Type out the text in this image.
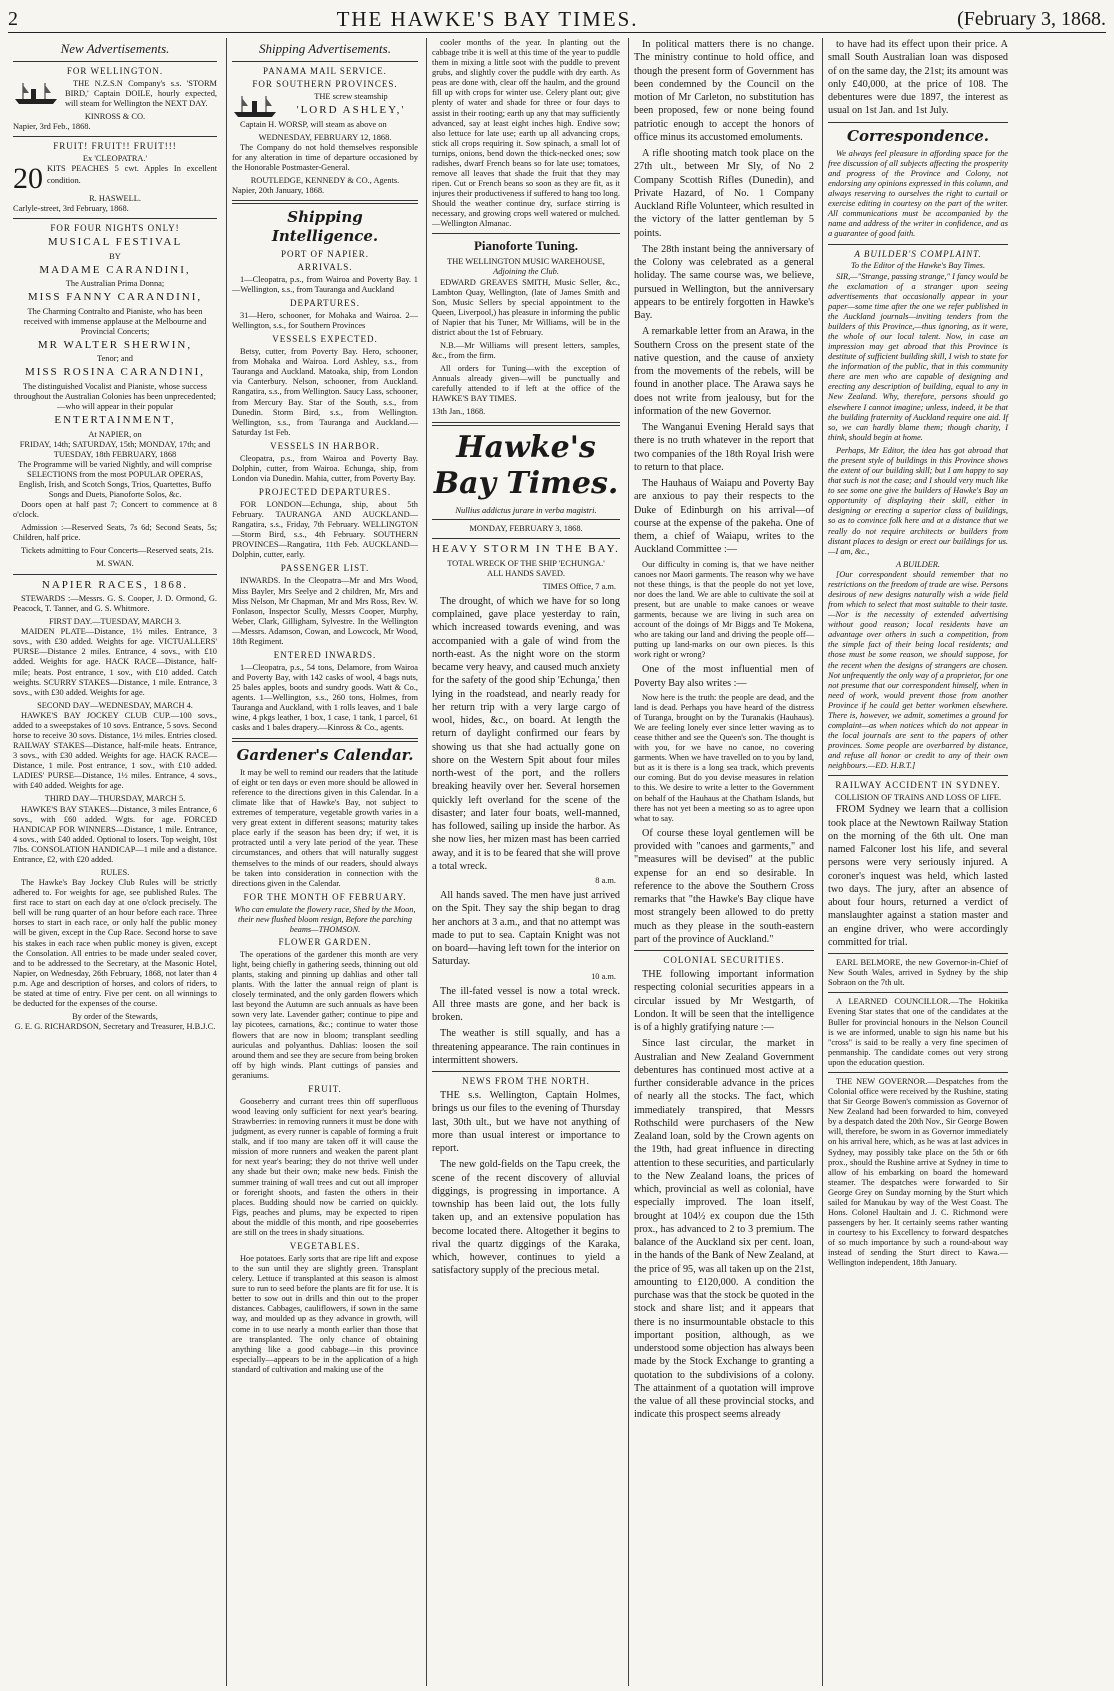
2	THE HAWKE'S BAY TIMES.	(February 3, 1868.
New Advertisements.
FOR WELLINGTON.

THE N.Z.S.N Company's s.s. 'STORM BIRD,' Captain DOILE, hourly expected, will steam for Wellington the NEXT DAY.

KINROSS & CO.
Napier, 3rd Feb., 1868.
FRUIT! FRUIT!! FRUIT!!!
Ex 'CLEOPATRA.'
20 KITS PEACHES 5 cwt. Apples In excellent condition.
R. HASWELL.
Carlyle-street, 3rd February, 1868.
FOR FOUR NIGHTS ONLY!
MUSICAL FESTIVAL
BY
MADAME CARANDINI,
The Australian Prima Donna;
MISS FANNY CARANDINI,
The Charming Contralto and Pianiste, who has been received with immense applause at the Melbourne and Provincial Concerts;
MR WALTER SHERWIN,
Tenor; and
MISS ROSINA CARANDINI,
The distinguished Vocalist and Pianiste, whose success throughout the Australian Colonies has been unprecedented;—who will appear in their popular
ENTERTAINMENT,
At NAPIER, on
FRIDAY, 14th; SATURDAY, 15th; MONDAY, 17th; and TUESDAY, 18th FEBRUARY, 1868
The Programme will be varied Nightly, and will comprise
SELECTIONS from the most POPULAR OPERAS,
English, Irish, and Scotch Songs, Trios, Quartettes, Buffo Songs and Duets, Pianoforte Solos, &c.

Doors open at half past 7; Concert to commence at 8 o'clock.

Admission :—Reserved Seats, 7s 6d; Second Seats, 5s; Children, half price.

Tickets admitting to Four Concerts—Reserved seats, 21s.

M. SWAN.
NAPIER RACES, 1868.

STEWARDS :—Messrs. G. S. Cooper, J. D. Ormond, G. Peacock, T. Tanner, and G. S. Whitmore.

FIRST DAY.—TUESDAY, MARCH 3.

MAIDEN PLATE—Distance, 1½ miles. Entrance, 3 sovs., with £30 added. Weights for age. VICTUALLERS' PURSE—Distance 2 miles. Entrance, 4 sovs., with £10 added. Weights for age. HACK RACE—Distance, half-mile; heats. Post entrance, 1 sov., with £10 added. Catch weights. SCURRY STAKES—Distance, 1 mile. Entrance, 3 sovs., with £30 added. Weights for age.

SECOND DAY—WEDNESDAY, MARCH 4.

HAWKE'S BAY JOCKEY CLUB CUP.—100 sovs., added to a sweepstakes of 10 sovs. Entrance, 5 sovs. Second horse to receive 30 sovs. Distance, 1½ miles. Entries closed. RAILWAY STAKES—Distance, half-mile heats. Entrance, 3 sovs., with £30 added. Weights for age. HACK RACE—Distance, 1 mile. Post entrance, 1 sov., with £10 added. LADIES' PURSE—Distance, 1½ miles. Entrance, 4 sovs., with £40 added. Weights for age.

THIRD DAY—THURSDAY, MARCH 5.

HAWKE'S BAY STAKES—Distance, 3 miles Entrance, 6 sovs., with £60 added. Wgts. for age. FORCED HANDICAP FOR WINNERS—Distance, 1 mile. Entrance, 4 sovs., with £40 added. Optional to losers. Top weight, 10st 7lbs. CONSOLATION HANDICAP—1 mile and a distance. Entrance, £2, with £20 added.

RULES.

The Hawke's Bay Jockey Club Rules will be strictly adhered to. For weights for age, see published Rules. The first race to start on each day at one o'clock precisely. The bell will be rung quarter of an hour before each race. Three horses to start in each race, or only half the public money will be given, except in the Cup Race. Second horse to save his stakes in each race when public money is given, except the Consolation. All entries to be made under sealed cover, and to be addressed to the Secretary, at the Masonic Hotel, Napier, on Wednesday, 26th February, 1868, not later than 4 p.m. Age and description of horses, and colors of riders, to be stated at time of entry. Five per cent. on all winnings to be deducted for the expenses of the course.

By order of the Stewards,
G. E. G. RICHARDSON, Secretary and Treasurer, H.B.J.C.
Shipping Advertisements.
PANAMA MAIL SERVICE.
FOR SOUTHERN PROVINCES.
THE screw steamship
'LORD ASHLEY,'

Captain H. WORSP, will steam as above on

WEDNESDAY, FEBRUARY 12, 1868.

The Company do not hold themselves responsible for any alteration in time of departure occasioned by the Honorable Postmaster-General.

ROUTLEDGE, KENNEDY & CO., Agents.
Napier, 20th January, 1868.
Shipping Intelligence.
PORT OF NAPIER.
ARRIVALS.

1—Cleopatra, p.s., from Wairoa and Poverty Bay. 1—Wellington, s.s., from Tauranga and Auckland

DEPARTURES.

31—Hero, schooner, for Mohaka and Wairoa. 2—Wellington, s.s., for Southern Provinces

VESSELS EXPECTED.

Betsy, cutter, from Poverty Bay. Hero, schooner, from Mohaka and Wairoa. Lord Ashley, s.s., from Tauranga and Auckland. Matoaka, ship, from London via Canterbury. Nelson, schooner, from Auckland. Rangatira, s.s., from Wellington. Saucy Lass, schooner, from Mercury Bay. Star of the South, s.s., from Dunedin. Storm Bird, s.s., from Wellington. Wellington, s.s., from Tauranga and Auckland.—Saturday 1st Feb.

VESSELS IN HARBOR.

Cleopatra, p.s., from Wairoa and Poverty Bay. Dolphin, cutter, from Wairoa. Echunga, ship, from London via Dunedin. Mahia, cutter, from Poverty Bay.

PROJECTED DEPARTURES.

FOR LONDON—Echunga, ship, about 5th February. TAURANGA AND AUCKLAND—Rangatira, s.s., Friday, 7th February. WELLINGTON—Storm Bird, s.s., 4th February. SOUTHERN PROVINCES—Rangatira, 11th Feb. AUCKLAND—Dolphin, cutter, early.

PASSENGER LIST.

INWARDS. In the Cleopatra—Mr and Mrs Wood, Miss Bayler, Mrs Seelye and 2 children, Mr, Mrs and Miss Nelson, Mr Chapman, Mr and Mrs Ross, Rev. W. Fonlason, Inspector Scully, Messrs Cooper, Murphy, Weber, Clark, Gilligham, Sylvestre. In the Wellington—Messrs. Adamson, Cowan, and Lowcock, Mr Wood, 18th Regiment.

ENTERED INWARDS.

1—Cleopatra, p.s., 54 tons, Delamore, from Wairoa and Poverty Bay, with 142 casks of wool, 4 bags nuts, 25 bales apples, boots and sundry goods. Watt & Co., agents. 1—Wellington, s.s., 260 tons, Holmes, from Tauranga and Auckland, with 1 rolls leaves, and 1 bale wine, 4 pkgs leather, 1 box, 1 case, 1 tank, 1 parcel, 61 casks and 1 bales drapery.—Kinross & Co., agents.

Gardener's Calendar.

It may be well to remind our readers that the latitude of eight or ten days or even more should be allowed in reference to the directions given in this Calendar. In a climate like that of Hawke's Bay, not subject to extremes of temperature, vegetable growth varies in a very great extent in different seasons; maturity takes place early if the season has been dry; if wet, it is protracted until a very late period of the year. These circumstances, and others that will naturally suggest themselves to the minds of our readers, should always be taken into consideration in connection with the directions given in the Calendar.

FOR THE MONTH OF FEBRUARY.
Who can emulate the flowery race, Shed by the Moon, their new flushed bloom resign, Before the parching beams—THOMSON.
FLOWER GARDEN.

The operations of the gardener this month are very light, being chiefly in gathering seeds, thinning out old plants, staking and pinning up dahlias and other tall plants. With the latter the annual reign of plant is closely terminated, and the only garden flowers which last beyond the Autumn are such annuals as have been sown very late. Lavender gather; continue to pipe and lay picotees, carnations, &c.; continue to water those flowers that are now in bloom; transplant seedling auriculas and polyanthus. Dahlias: loosen the soil around them and see they are secure from being broken off by high winds. Plant cuttings of pansies and geraniums.

FRUIT.

Gooseberry and currant trees thin off superfluous wood leaving only sufficient for next year's bearing. Strawberries: in removing runners it must be done with judgment, as every runner is capable of forming a fruit stalk, and if too many are taken off it will cause the mission of more runners and weaken the parent plant for next year's bearing; they do not thrive well under any shade but their own; make new beds. Finish the summer training of wall trees and cut out all improper or foreright shoots, and fasten the others in their places. Budding should now be carried on quickly. Figs, peaches and plums, may be expected to ripen about the middle of this month, and ripe gooseberries are still on the trees in shady situations.

VEGETABLES.

Hoe potatoes. Early sorts that are ripe lift and expose to the sun until they are slightly green. Transplant celery. Lettuce if transplanted at this season is almost sure to run to seed before the plants are fit for use. It is better to sow out in drills and thin out to the proper distances. Cabbages, cauliflowers, if sown in the same way, and moulded up as they advance in growth, will come in to use nearly a month earlier than those that are transplanted. The only chance of obtaining anything like a good cabbage—in this province especially—appears to be in the application of a high standard of cultivation and making use of the

cooler months of the year. In planting out the cabbage tribe it is well at this time of the year to puddle them in mixing a little soot with the puddle to prevent grubs, and slightly cover the puddle with dry earth. As peas are done with, clear off the haulm, and the ground fill up with crops for winter use. Celery plant out; give plenty of water and shade for three or four days to assist in their rooting; earth up any that may sufficiently advanced, say at least eight inches high. Endive sow; also lettuce for late use; earth up all advancing crops, stick all crops requiring it. Sow spinach, a small lot of turnips, onions, bend down the thick-necked ones; sow radishes, dwarf French beans so for late use; tomatoes, remove all leaves that shade the fruit that they may ripen. Cut or French beans so soon as they are fit, as it injures their productiveness if suffered to hang too long. Should the weather continue dry, surface stirring is necessary, and growing crops well watered or mulched.—Wellington Almanac.

Pianoforte Tuning.
THE WELLINGTON MUSIC WAREHOUSE,
Adjoining the Club.

EDWARD GREAVES SMITH, Music Seller, &c., Lambton Quay, Wellington, (late of James Smith and Son, Music Sellers by special appointment to the Queen, Liverpool,) has pleasure in informing the public of Napier that his Tuner, Mr Williams, will be in the district about the 1st of February.

N.B.—Mr Williams will present letters, samples, &c., from the firm.

All orders for Tuning—with the exception of Annuals already given—will be punctually and carefully attended to if left at the office of the HAWKE'S BAY TIMES.

13th Jan., 1868.
Hawke's Bay Times.
Nullius addictus jurare in verba magistri.
MONDAY, FEBRUARY 3, 1868.
HEAVY STORM IN THE BAY.
TOTAL WRECK OF THE SHIP 'ECHUNGA.'
ALL HANDS SAVED.
TIMES Office, 7 a.m.

The drought, of which we have for so long complained, gave place yesterday to rain, which increased towards evening, and was accompanied with a gale of wind from the north-east. As the night wore on the storm became very heavy, and caused much anxiety for the safety of the good ship 'Echunga,' then lying in the roadstead, and nearly ready for her return trip with a very large cargo of wool, hides, &c., on board. At length the return of daylight confirmed our fears by showing us that she had actually gone on shore on the Western Spit about four miles north-west of the port, and the rollers breaking heavily over her. Several horsemen quickly left overland for the scene of the disaster; and later four boats, well-manned, has followed, sailing up inside the harbor. As she now lies, her mizen mast has been carried away, and it is to be feared that she will prove a total wreck.

8 a.m.

All hands saved. The men have just arrived on the Spit. They say the ship began to drag her anchors at 3 a.m., and that no attempt was made to put to sea. Captain Knight was not on board—having left town for the interior on Saturday.

10 a.m.

The ill-fated vessel is now a total wreck. All three masts are gone, and her back is broken.

The weather is still squally, and has a threatening appearance. The rain continues in intermittent showers.

NEWS FROM THE NORTH.

THE s.s. Wellington, Captain Holmes, brings us our files to the evening of Thursday last, 30th ult., but we have not anything of more than usual interest or importance to report.

The new gold-fields on the Tapu creek, the scene of the recent discovery of alluvial diggings, is progressing in importance. A township has been laid out, the lots fully taken up, and an extensive population has become located there. Altogether it begins to rival the quartz diggings of the Karaka, which, however, continues to yield a satisfactory supply of the precious metal.

In political matters there is no change. The ministry continue to hold office, and though the present form of Government has been condemned by the Council on the motion of Mr Carleton, no substitution has been proposed, few or none being found patriotic enough to accept the honors of office minus its accustomed emoluments.

A rifle shooting match took place on the 27th ult., between Mr Sly, of No 2 Company Scottish Rifles (Dunedin), and Private Hazard, of No. 1 Company Auckland Rifle Volunteer, which resulted in the victory of the latter gentleman by 5 points.

The 28th instant being the anniversary of the Colony was celebrated as a general holiday. The same course was, we believe, pursued in Wellington, but the anniversary appears to be entirely forgotten in Hawke's Bay.

A remarkable letter from an Arawa, in the Southern Cross on the present state of the native question, and the cause of anxiety from the movements of the rebels, will be found in another place. The Arawa says he does not write from jealousy, but for the information of the new Governor.

The Wanganui Evening Herald says that there is no truth whatever in the report that two companies of the 18th Royal Irish were to return to that place.

The Hauhaus of Waiapu and Poverty Bay are anxious to pay their respects to the Duke of Edinburgh on his arrival—of course at the expense of the pakeha. One of them, a chief of Waiapu, writes to the Auckland Committee :—

Our difficulty in coming is, that we have neither canoes nor Maori garments. The reason why we have not these things, is that the people do not yet love, nor does the land. We are able to cultivate the soil at present, but are unable to make canoes or weave garments, because we are living in such area on account of the doings of Mr Biggs and Te Mokena, who are taking our land and driving the people off—putting up land-marks on our own pieces. Is this work right or wrong?

One of the most influential men of Poverty Bay also writes :—

Now here is the truth: the people are dead, and the land is dead. Perhaps you have heard of the distress of Turanga, brought on by the Turanakis (Hauhaus). We are feeling lonely ever since letter waving as to cease thither and see the Queen's son. The thought is with you, for we have no canoe, no covering garments. When we have travelled on to you by land, but as it is there is a long sea track, which prevents our coming. But do you devise measures in relation to this. We desire to write a letter to the Government on behalf of the Hauhaus at the Chatham Islands, but there has not yet been a meeting so as to agree upon what to say.

Of course these loyal gentlemen will be provided with "canoes and garments," and "measures will be devised" at the public expense for an end so desirable. In reference to the above the Southern Cross remarks that "the Hawke's Bay clique have most strangely been allowed to do pretty much as they please in the south-eastern part of the province of Auckland."

COLONIAL SECURITIES.

THE following important information respecting colonial securities appears in a circular issued by Mr Westgarth, of London. It will be seen that the intelligence is of a highly gratifying nature :—

Since last circular, the market in Australian and New Zealand Government debentures has continued most active at a further considerable advance in the prices of nearly all the stocks. The fact, which immediately transpired, that Messrs Rothschild were purchasers of the New Zealand loan, sold by the Crown agents on the 19th, had great influence in directing attention to these securities, and particularly to the New Zealand loans, the prices of which, provincial as well as colonial, have especially improved. The loan itself, brought at 104½ ex coupon due the 15th prox., has advanced to 2 to 3 premium. The balance of the Auckland six per cent. loan, in the hands of the Bank of New Zealand, at the price of 95, was all taken up on the 21st, amounting to £120,000. A condition the purchase was that the stock be quoted in the stock and share list; and it appears that there is no insurmountable obstacle to this important position, although, as we understood some objection has always been made by the Stock Exchange to granting a quotation to the subdivisions of a colony. The attainment of a quotation will improve the value of all these provincial stocks, and indicate this prospect seems already

to have had its effect upon their price. A small South Australian loan was disposed of on the same day, the 21st; its amount was only £40,000, at the price of 108. The debentures were due 1897, the interest as usual on 1st Jan. and 1st July.

Correspondence.

We always feel pleasure in affording space for the free discussion of all subjects affecting the prosperity and progress of the Province and Colony, not endorsing any opinions expressed in this column, and always reserving to ourselves the right to curtail or exercise editing in courtesy on the part of the writer. All communications must be accompanied by the name and address of the writer in confidence, and as a guarantee of good faith.

A BUILDER'S COMPLAINT.
To the Editor of the Hawke's Bay Times.

SIR,—"Strange, passing strange," I fancy would be the exclamation of a stranger upon seeing advertisements that occasionally appear in your paper—some time after the one we refer published in the Auckland journals—inviting tenders from the builders of this Province,—thus ignoring, as it were, the whole of our local talent. Now, in case an impression may get abroad that this Province is destitute of sufficient building skill, I wish to state for the information of the public, that in this community there are men who are capable of designing and erecting any description of building, equal to any in New Zealand. Why, therefore, persons should go elsewhere I cannot imagine; unless, indeed, it be that the building fraternity of Auckland require one aid. If so, we can hardly blame them; though charity, I think, should begin at home.

Perhaps, Mr Editor, the idea has got abroad that the present style of buildings in this Province shows the extent of our building skill; but I am happy to say that such is not the case; and I should very much like to see some one give the builders of Hawke's Bay an opportunity of displaying their skill, either in designing or erecting a superior class of buildings, so as to convince folk here and at a distance that we really do not require architects or builders from distant places to design or erect our buildings for us.—I am, &c.,

A BUILDER.

[Our correspondent should remember that no restrictions on the freedom of trade are wise. Persons desirous of new designs naturally wish a wide field from which to select that most suitable to their taste.—Nor is the necessity of extended advertising without good reason; local residents have an advantage over others in such a competition, from the simple fact of their being local residents; and those must be some reason, we should suppose, for the recent when the designs of strangers are chosen. Not unfrequently the only way of a proprietor, for one not presume that our correspondent himself, when in need of work, would prevent those from another Province if he could get better workmen elsewhere. There is, however, we admit, sometimes a ground for complaint—as when notices which do not appear in the local journals are sent to the papers of other provinces. Some people are overbarred by distance, and refuse all honor or credit to any of their own neighbours.—ED. H.B.T.]

RAILWAY ACCIDENT IN SYDNEY.
COLLISION OF TRAINS AND LOSS OF LIFE.

FROM Sydney we learn that a collision took place at the Newtown Railway Station on the morning of the 6th ult. One man named Falconer lost his life, and several persons were very seriously injured. A coroner's inquest was held, which lasted two days. The jury, after an absence of about four hours, returned a verdict of manslaughter against a station master and an engine driver, who were accordingly committed for trial.

EARL BELMORE, the new Governor-in-Chief of New South Wales, arrived in Sydney by the ship Sobraon on the 7th ult.

A LEARNED COUNCILLOR.—The Hokitika Evening Star states that one of the candidates at the Buller for provincial honours in the Nelson Council is we are informed, unable to sign his name but his "cross" is said to be really a very fine specimen of penmanship. The candidate comes out very strong upon the education question.

THE NEW GOVERNOR.—Despatches from the Colonial office were received by the Rushine, stating that Sir George Bowen's commission as Governor of New Zealand had been forwarded to him, conveyed by a despatch dated the 20th Nov., Sir George Bowen will, therefore, be sworn in as Governor immediately on his arrival here, which, as he was at last advices in Sydney, may possibly take place on the 5th or 6th prox., should the Rushine arrive at Sydney in time to allow of his embarking on board the homeward steamer. The despatches were forwarded to Sir George Grey on Sunday morning by the Sturt which sailed for Manukau by way of the West Coast. The Hons. Colonel Haultain and J. C. Richmond were passengers by her. It certainly seems rather wanting in courtesy to his Excellency to forward despatches of so much importance by such a round-about way instead of sending the Sturt direct to Kawa.—Wellington independent, 18th January.
